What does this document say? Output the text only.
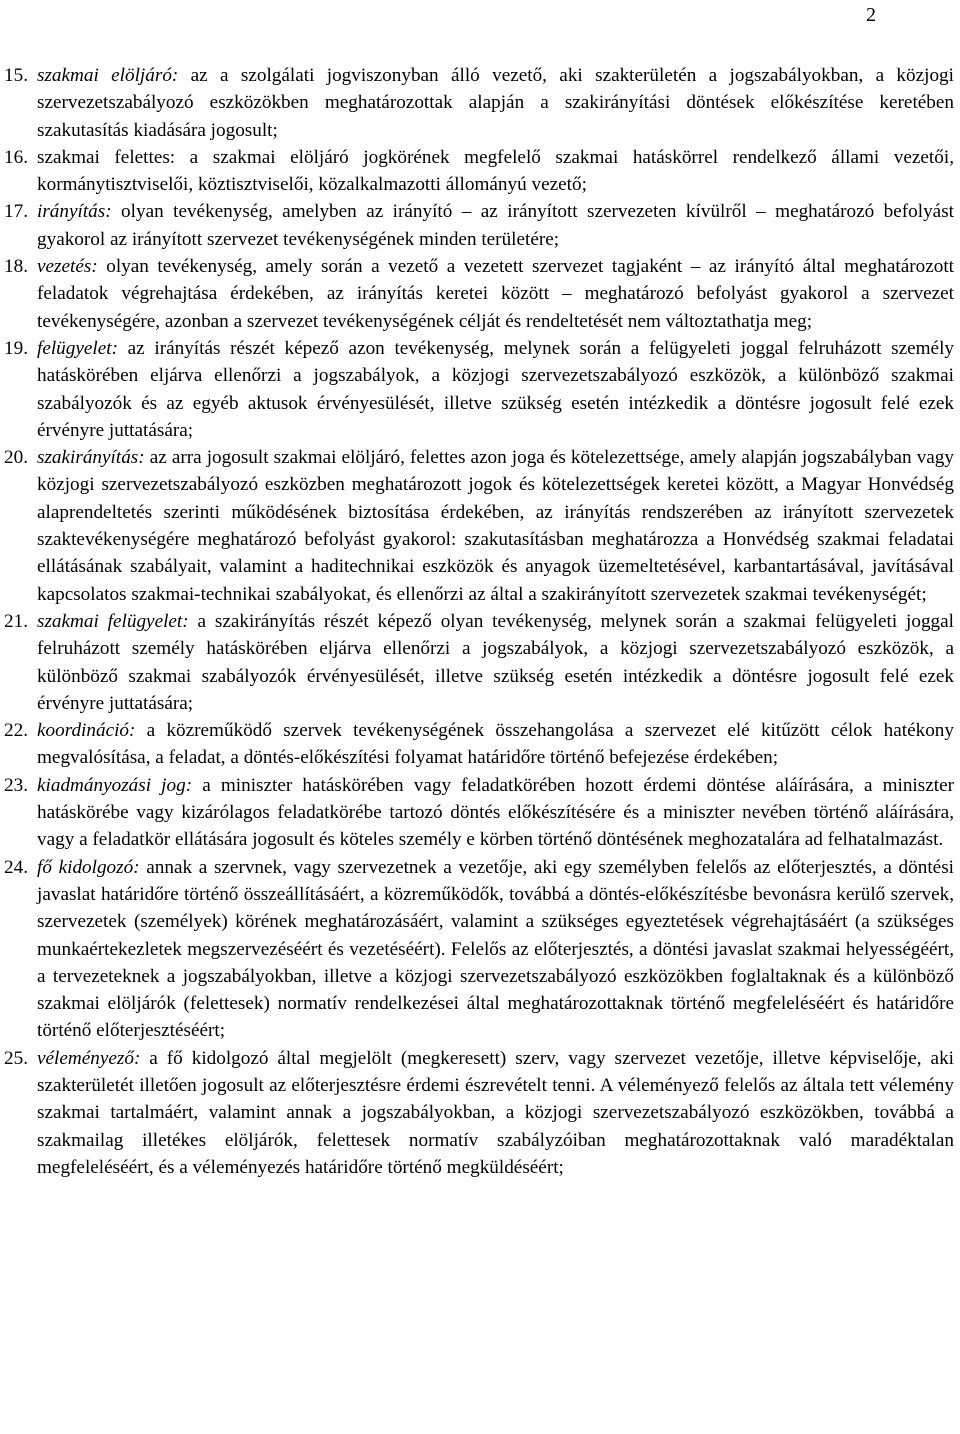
2
15. szakmai elöljáró: az a szolgálati jogviszonyban álló vezető, aki szakterületén a jogszabályokban, a közjogi szervezetszabályozó eszközökben meghatározottak alapján a szakirányítási döntések előkészítése keretében szakutasítás kiadására jogosult;
16. szakmai felettes: a szakmai elöljáró jogkörének megfelelő szakmai hatáskörrel rendelkező állami vezetői, kormánytisztviselői, köztisztviselői, közalkalmazotti állományú vezető;
17. irányítás: olyan tevékenység, amelyben az irányító – az irányított szervezeten kívülről – meghatározó befolyást gyakorol az irányított szervezet tevékenységének minden területére;
18. vezetés: olyan tevékenység, amely során a vezető a vezetett szervezet tagjaként – az irányító által meghatározott feladatok végrehajtása érdekében, az irányítás keretei között – meghatározó befolyást gyakorol a szervezet tevékenységére, azonban a szervezet tevékenységének célját és rendeltetését nem változtathatja meg;
19. felügyelet: az irányítás részét képező azon tevékenység, melynek során a felügyeleti joggal felruházott személy hatáskörében eljárva ellenőrzi a jogszabályok, a közjogi szervezetszabályozó eszközök, a különböző szakmai szabályozók és az egyéb aktusok érvényesülését, illetve szükség esetén intézkedik a döntésre jogosult felé ezek érvényre juttatására;
20. szakirányítás: az arra jogosult szakmai elöljáró, felettes azon joga és kötelezettsége, amely alapján jogszabályban vagy közjogi szervezetszabályozó eszközben meghatározott jogok és kötelezettségek keretei között, a Magyar Honvédség alaprendeltetés szerinti működésének biztosítása érdekében, az irányítás rendszerében az irányított szervezetek szaktevékenységére meghatározó befolyást gyakorol: szakutasításban meghatározza a Honvédség szakmai feladatai ellátásának szabályait, valamint a haditechnikai eszközök és anyagok üzemeltetésével, karbantartásával, javításával kapcsolatos szakmai-technikai szabályokat, és ellenőrzi az által a szakirányított szervezetek szakmai tevékenységét;
21. szakmai felügyelet: a szakirányítás részét képező olyan tevékenység, melynek során a szakmai felügyeleti joggal felruházott személy hatáskörében eljárva ellenőrzi a jogszabályok, a közjogi szervezetszabályozó eszközök, a különböző szakmai szabályozók érvényesülését, illetve szükség esetén intézkedik a döntésre jogosult felé ezek érvényre juttatására;
22. koordináció: a közreműködő szervek tevékenységének összehangolása a szervezet elé kitűzött célok hatékony megvalósítása, a feladat, a döntés-előkészítési folyamat határidőre történő befejezése érdekében;
23. kiadmányozási jog: a miniszter hatáskörében vagy feladatkörében hozott érdemi döntése aláírására, a miniszter hatáskörébe vagy kizárólagos feladatkörébe tartozó döntés előkészítésére és a miniszter nevében történő aláírására, vagy a feladatkör ellátására jogosult és köteles személy e körben történő döntésének meghozatalára ad felhatalmazást.
24. fő kidolgozó: annak a szervnek, vagy szervezetnek a vezetője, aki egy személyben felelős az előterjesztés, a döntési javaslat határidőre történő összeállításáért, a közreműködők, továbbá a döntés-előkészítésbe bevonásra kerülő szervek, szervezetek (személyek) körének meghatározásáért, valamint a szükséges egyeztetések végrehajtásáért (a szükséges munkaértekezletek megszervezéséért és vezetéséért). Felelős az előterjesztés, a döntési javaslat szakmai helyességéért, a tervezeteknek a jogszabályokban, illetve a közjogi szervezetszabályozó eszközökben foglaltaknak és a különböző szakmai elöljárók (felettesek) normatív rendelkezései által meghatározottaknak történő megfeleléséért és határidőre történő előterjesztéséért;
25. véleményező: a fő kidolgozó által megjelölt (megkeresett) szerv, vagy szervezet vezetője, illetve képviselője, aki szakterületét illetően jogosult az előterjesztésre érdemi észrevételt tenni. A véleményező felelős az általa tett vélemény szakmai tartalmáért, valamint annak a jogszabályokban, a közjogi szervezetszabályozó eszközökben, továbbá a szakmailag illetékes elöljárók, felettesek normatív szabályzóiban meghatározottaknak való maradéktalan megfeleléséért, és a véleményezés határidőre történő megküldéséért;
